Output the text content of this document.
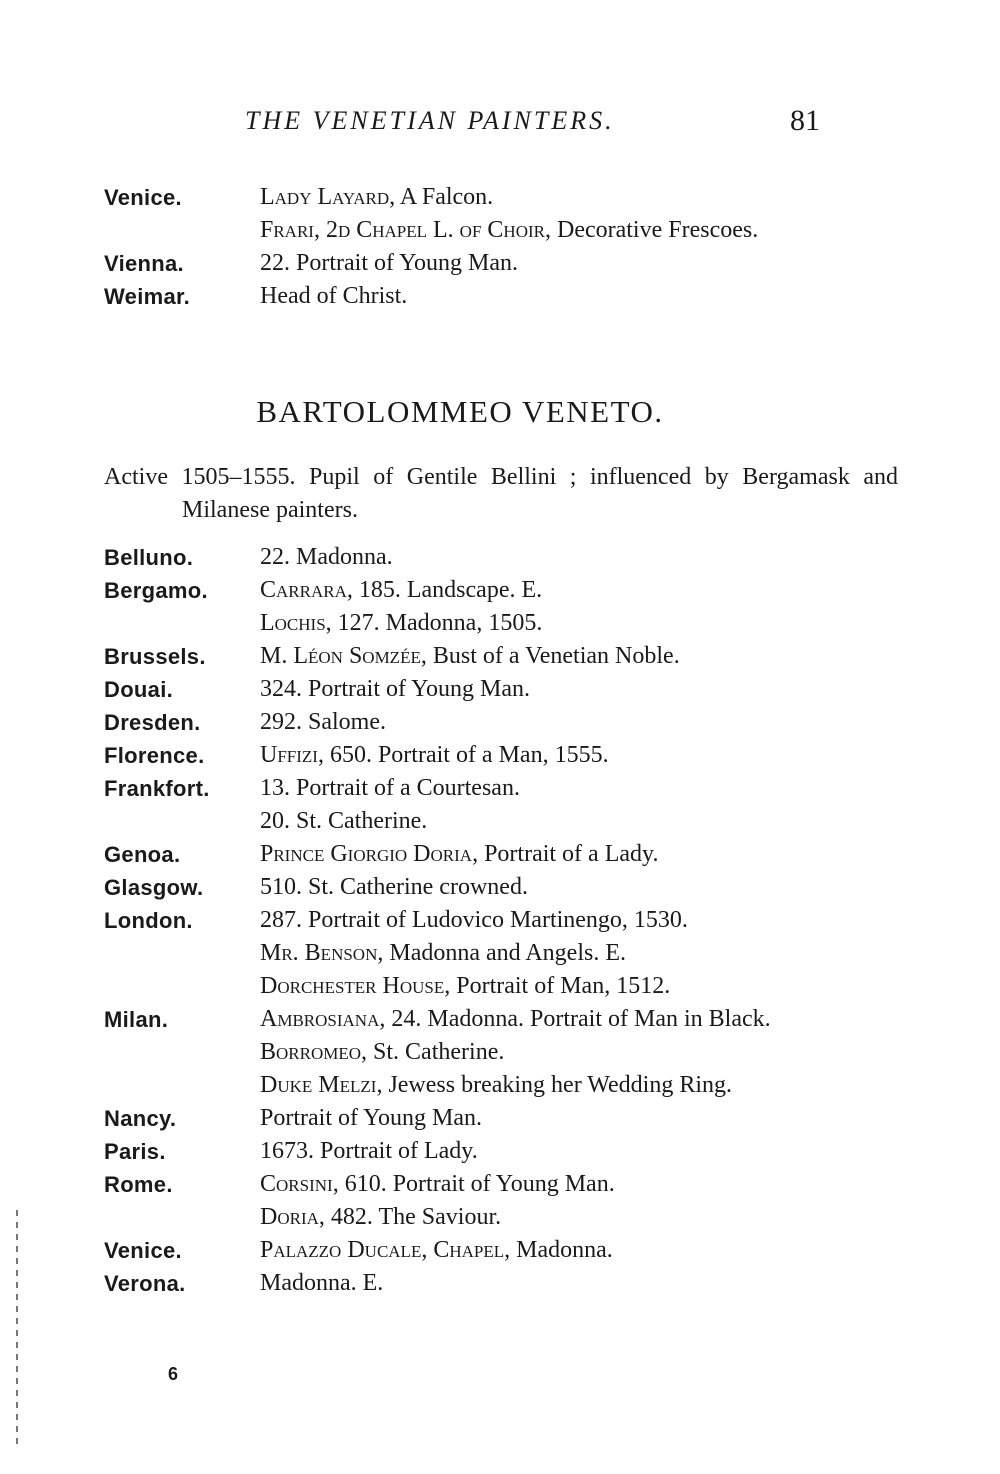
THE VENETIAN PAINTERS.	81
Venice.	Lady Layard, A Falcon.
Frari, 2d Chapel L. of Choir, Decorative Frescoes.
Vienna.	22. Portrait of Young Man.
Weimar.	Head of Christ.
BARTOLOMMEO VENETO.
Active 1505–1555. Pupil of Gentile Bellini ; influenced by Bergamask and Milanese painters.
Belluno.	22. Madonna.
Bergamo. Carrara, 185. Landscape. E.
Lochis, 127. Madonna, 1505.
Brussels. M. Léon Somzée, Bust of a Venetian Noble.
Douai.	324. Portrait of Young Man.
Dresden. 292. Salome.
Florence. Uffizi, 650. Portrait of a Man, 1555.
Frankfort. 13. Portrait of a Courtesan.
20. St. Catherine.
Genoa.	Prince Giorgio Doria, Portrait of a Lady.
Glasgow. 510. St. Catherine crowned.
London.	287. Portrait of Ludovico Martinengo, 1530.
Mr. Benson, Madonna and Angels. E.
Dorchester House, Portrait of Man, 1512.
Milan.	Ambrosiana, 24. Madonna. Portrait of Man in Black.
Borromeo, St. Catherine.
Duke Melzi, Jewess breaking her Wedding Ring.
Nancy.	Portrait of Young Man.
Paris.	1673. Portrait of Lady.
Rome.	Corsini, 610. Portrait of Young Man.
Doria, 482. The Saviour.
Venice.	Palazzo Ducale, Chapel, Madonna.
Verona.	Madonna. E.
6
